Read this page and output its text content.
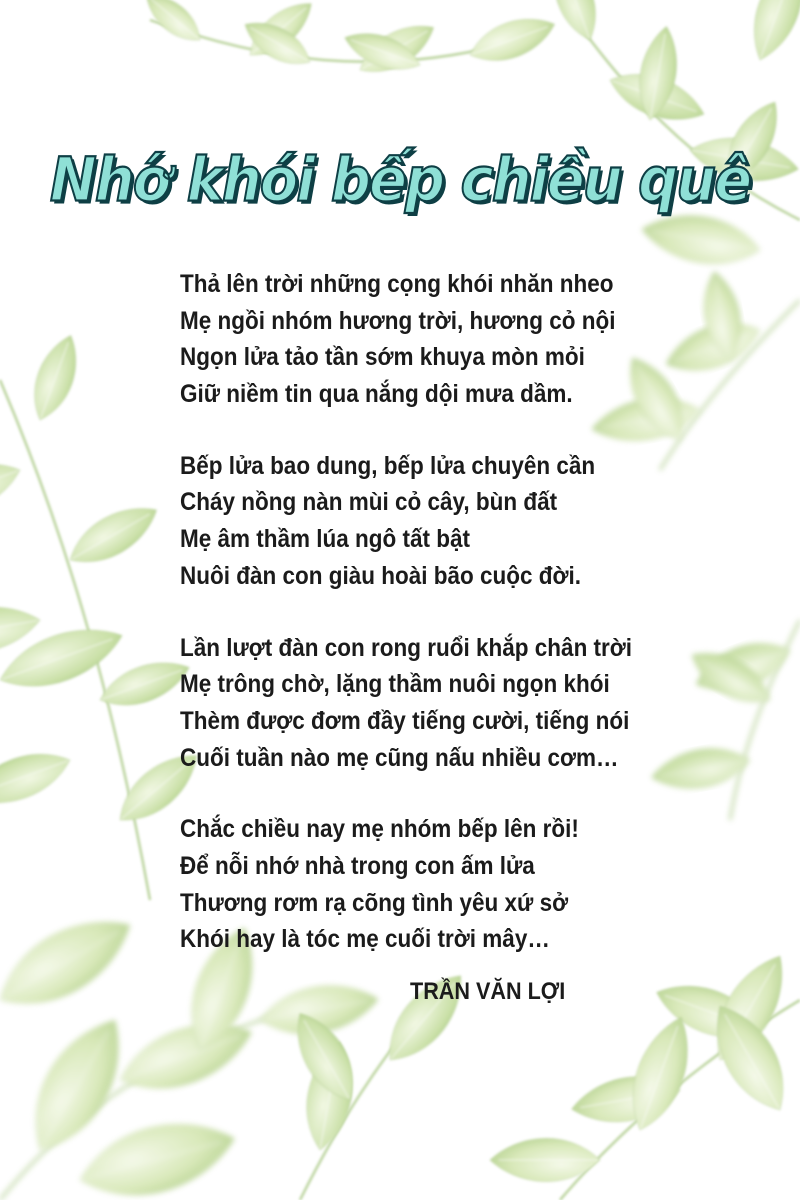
Nhớ khói bếp chiều quê
Thả lên trời những cọng khói nhăn nheo
Mẹ ngồi nhóm hương trời, hương cỏ nội
Ngọn lửa tảo tần sớm khuya mòn mỏi
Giữ niềm tin qua nắng dội mưa dầm.
Bếp lửa bao dung, bếp lửa chuyên cần
Cháy nồng nàn mùi cỏ cây, bùn đất
Mẹ âm thầm lúa ngô tất bật
Nuôi đàn con giàu hoài bão cuộc đời.
Lần lượt đàn con rong ruổi khắp chân trời
Mẹ trông chờ, lặng thầm nuôi ngọn khói
Thèm được đơm đầy tiếng cười, tiếng nói
Cuối tuần nào mẹ cũng nấu nhiều cơm…
Chắc chiều nay mẹ nhóm bếp lên rồi!
Để nỗi nhớ nhà trong con ấm lửa
Thương rơm rạ cõng tình yêu xứ sở
Khói hay là tóc mẹ cuối trời mây…
TRẦN VĂN LỢI
